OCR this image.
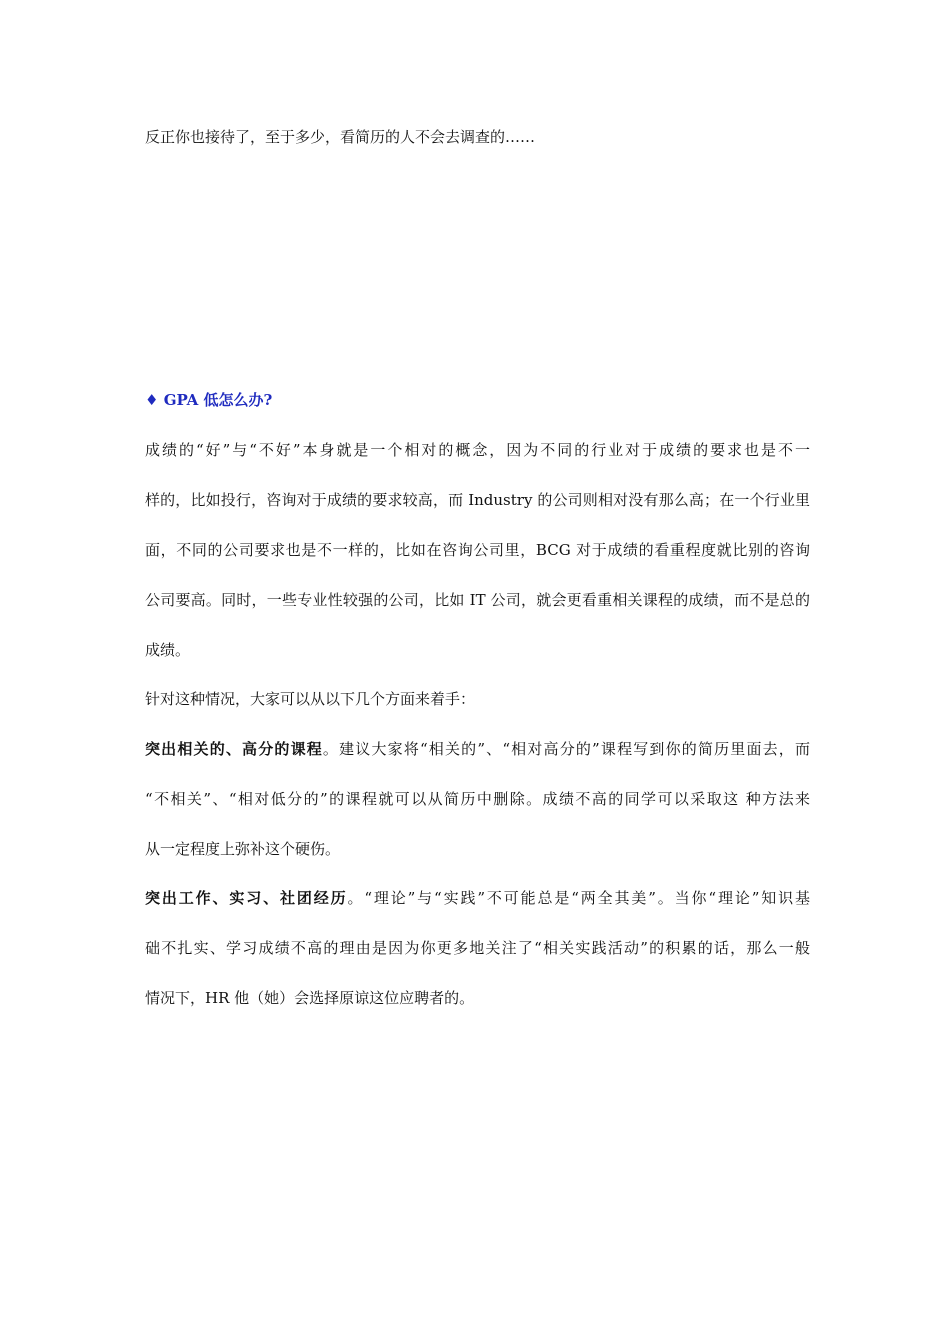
反正你也接待了，至于多少，看简历的人不会去调查的……
♦ GPA 低怎么办?
成绩的“好”与“不好”本身就是一个相对的概念，因为不同的行业对于成绩的要求也是不一
样的，比如投行，咨询对于成绩的要求较高，而 Industry 的公司则相对没有那么高；在一个行业里
面，不同的公司要求也是不一样的，比如在咨询公司里，BCG 对于成绩的看重程度就比别的咨询
公司要高。同时，一些专业性较强的公司，比如 IT 公司，就会更看重相关课程的成绩，而不是总的
成绩。
针对这种情况，大家可以从以下几个方面来着手：
突出相关的、高分的课程。建议大家将“相关的”、“相对高分的”课程写到你的简历里面去，而
“不相关”、“相对低分的”的课程就可以从简历中删除。成绩不高的同学可以采取这 种方法来
从一定程度上弥补这个硬伤。
突出工作、实习、社团经历。“理论”与“实践”不可能总是“两全其美”。当你“理论”知识基
础不扎实、学习成绩不高的理由是因为你更多地关注了“相关实践活动”的积累的话，那么一般
情况下，HR 他（她）会选择原谅这位应聘者的。
